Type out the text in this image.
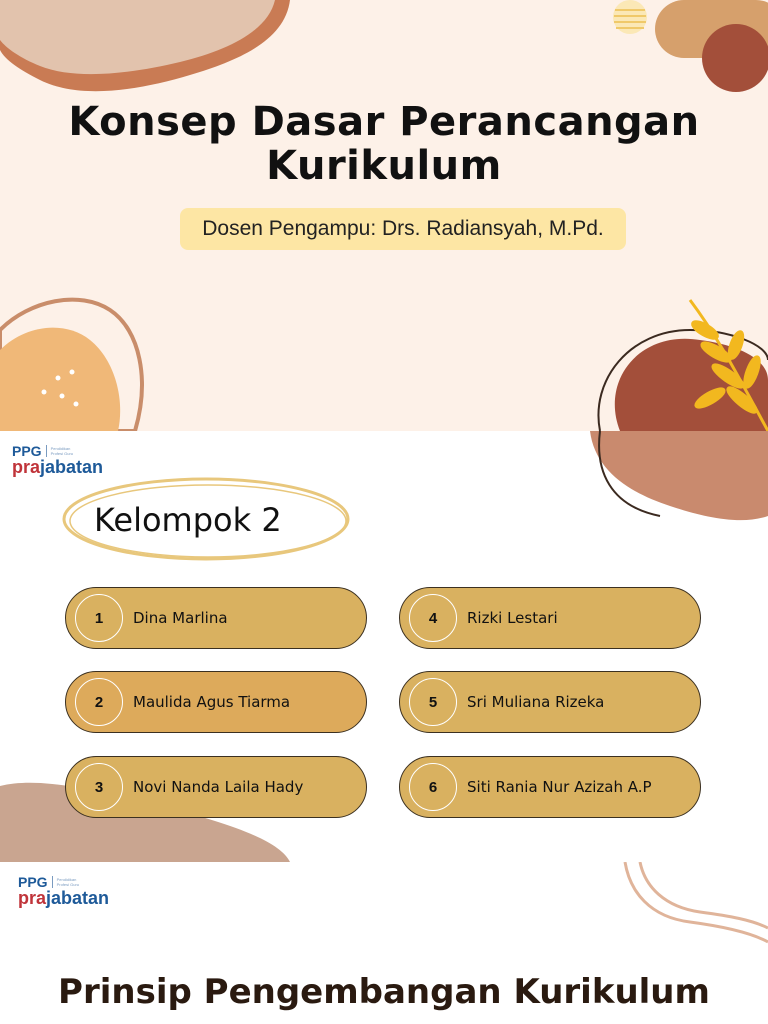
Konsep Dasar Perancangan Kurikulum
Dosen Pengampu: Drs. Radiansyah, M.Pd.
PPG Pendidikan Profesi Guru
prajabatan
Kelompok 2
1	Dina Marlina
2	Maulida Agus Tiarma
3	Novi Nanda Laila Hady
4	Rizki Lestari
5	Sri Muliana Rizeka
6	Siti Rania Nur Azizah A.P
PPG Pendidikan Profesi Guru
prajabatan
Prinsip Pengembangan Kurikulum
